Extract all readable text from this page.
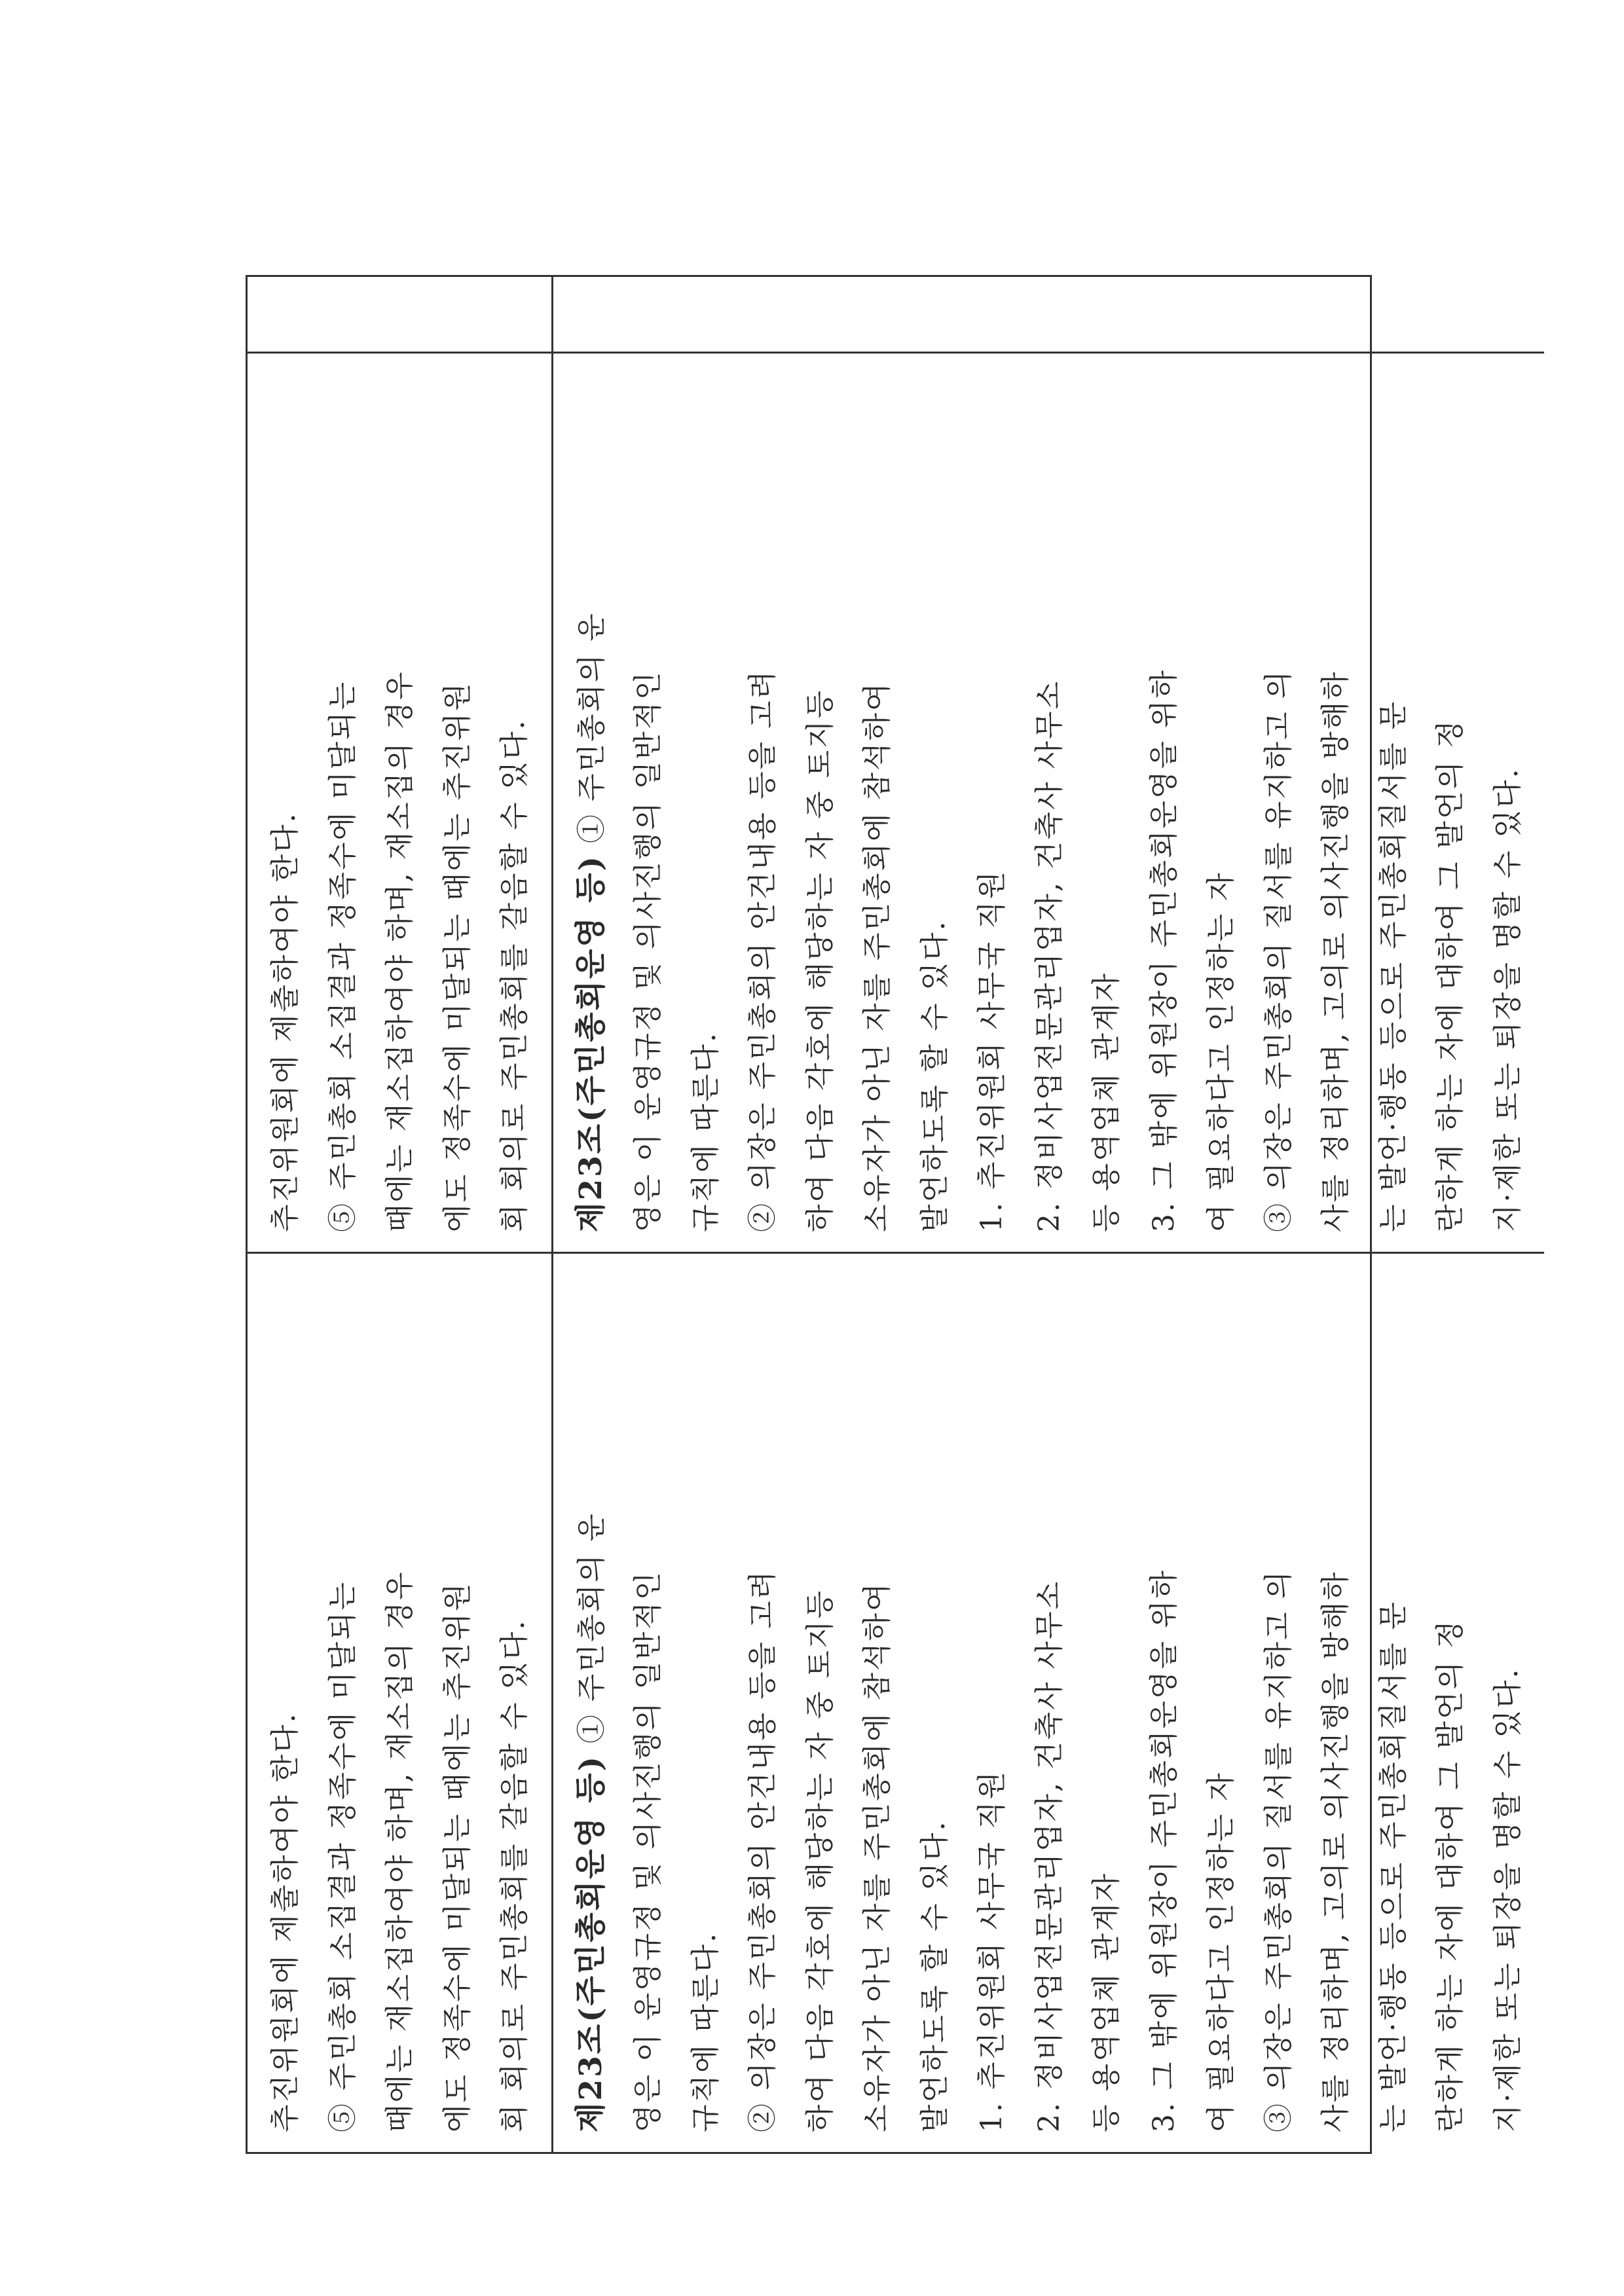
추진위원회에 제출하여야 한다. ⑤ 주민총회 소집결과 정족수에 미달되는 때에는 재소집하여야 하며, 재소집의 경우 에도 정족수에 미달되는 때에는 추진위원 회 회의로 주민총회를 갈음할 수 있다.
추진위원회에 제출하여야 한다. ⑤ 주민총회 소집결과 정족수에 미달되는 때에는 재소집하여야 하며, 재소집의 경우 에도 정족수에 미달되는 때에는 추진위원 회 회의로 주민총회를 갈음할 수 있다.
제23조(주민총회운영 등) ① 주민총회의 운 영은 이 운영규정 및 의사진행의 일반적인 규칙에 따른다. ② 의장은 주민총회의 안건내용 등을 고려 하여 다음 각호에 해당하는 자 중 토지등 소유자가 아닌 자를 주민총회에 참석하여 발언하도록 할 수 있다. 1. 추진위원회 사무국 직원 2. 정비사업전문관리업자, 건축사 사무소 등 용역업체 관계자 3. 그 밖에 위원장이 주민총회운영을 위하 여 필요하다고 인정하는 자 ③ 의장은 주민총회의 질서를 유지하고 의 사를 정리하며, 고의로 의사진행을 방해하 는 발언·행동 등으로 주민총회질서를 문 란하게 하는 자에 대하여 그 발언의 정 지·제한 또는 퇴장을 명할 수 있다.
제23조(주민총회운영 등) ① 주민총회의 운 영은 이 운영규정 및 의사진행의 일반적인 규칙에 따른다. ② 의장은 주민총회의 안건내용 등을 고려 하여 다음 각호에 해당하는 자 중 토지등 소유자가 아닌 자를 주민총회에 참석하여 발언하도록 할 수 있다. 1. 추진위원회 사무국 직원 2. 정비사업전문관리업자, 건축사 사무소 등 용역업체 관계자 3. 그 밖에 위원장이 주민총회운영을 위하 여 필요하다고 인정하는 자 ③ 의장은 주민총회의 질서를 유지하고 의 사를 정리하며, 고의로 의사진행을 방해하 는 발언·행동 등으로 주민총회질서를 문 란하게 하는 자에 대하여 그 발언의 정 지·제한 또는 퇴장을 명할 수 있다.
